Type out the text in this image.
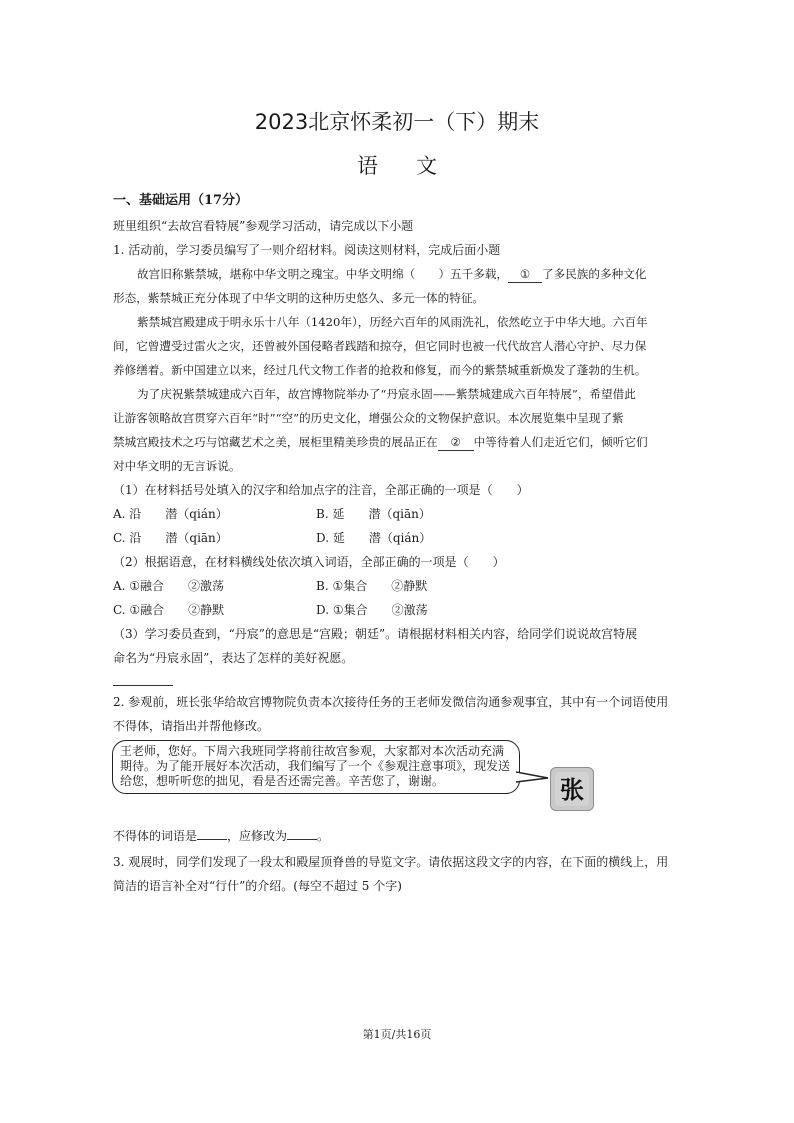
2023北京怀柔初一（下）期末
语文
一、基础运用（17分）
班里组织“去故宫看特展”参观学习活动，请完成以下小题
1. 活动前，学习委员编写了一则介绍材料。阅读这则材料，完成后面小题
故宫旧称紫禁城，堪称中华文明之瑰宝。中华文明绵（　　）五千多载， ① 了多民族的多种文化
形态，紫禁城正充分体现了中华文明的这种历史悠久、多元一体的特征。
紫禁城宫殿建成于明永乐十八年（1420年），历经六百年的风雨洗礼，依然屹立于中华大地。六百年
间，它曾遭受过雷火之灾，还曾被外国侵略者践踏和掠夺，但它同时也被一代代故宫人潜心守护、尽力保
养修缮着。新中国建立以来，经过几代文物工作者的抢救和修复，而今的紫禁城重新焕发了蓬勃的生机。
为了庆祝紫禁城建成六百年，故宫博物院举办了“丹宸永固——紫禁城建成六百年特展”，希望借此
让游客领略故宫贯穿六百年“时”“空”的历史文化，增强公众的文物保护意识。本次展览集中呈现了紫
禁城宫殿技术之巧与馆藏艺术之美，展柜里精美珍贵的展品正在 ② 中等待着人们走近它们，倾听它们
对中华文明的无言诉说。
（1）在材料括号处填入的汉字和给加点字的注音，全部正确的一项是（　　）
A. 沿　　潜（qián）	B. 延　　潜（qiān）
C. 沿　　潜（qiān）	D. 延　　潜（qián）
（2）根据语意，在材料横线处依次填入词语，全部正确的一项是（　　）
A. ①融合　　②激荡	B. ①集合　　②静默
C. ①融合　　②静默	D. ①集合　　②激荡
（3）学习委员查到，“丹宸”的意思是“宫殿；朝廷”。请根据材料相关内容，给同学们说说故宫特展
命名为“丹宸永固”，表达了怎样的美好祝愿。
2. 参观前，班长张华给故宫博物院负责本次接待任务的王老师发微信沟通参观事宜，其中有一个词语使用
不得体，请指出并帮他修改。
王老师，您好。下周六我班同学将前往故宫参观，大家都对本次活动充满期待。为了能开展好本次活动，我们编写了一个《参观注意事项》，现发送给您，想听听您的拙见，看是否还需完善。辛苦您了，谢谢。	张
不得体的词语是	，应修改为	。
3. 观展时，同学们发现了一段太和殿屋顶脊兽的导览文字。请依据这段文字的内容，在下面的横线上，用
简洁的语言补全对“行什”的介绍。(每空不超过 5 个字)
第1页/共16页
